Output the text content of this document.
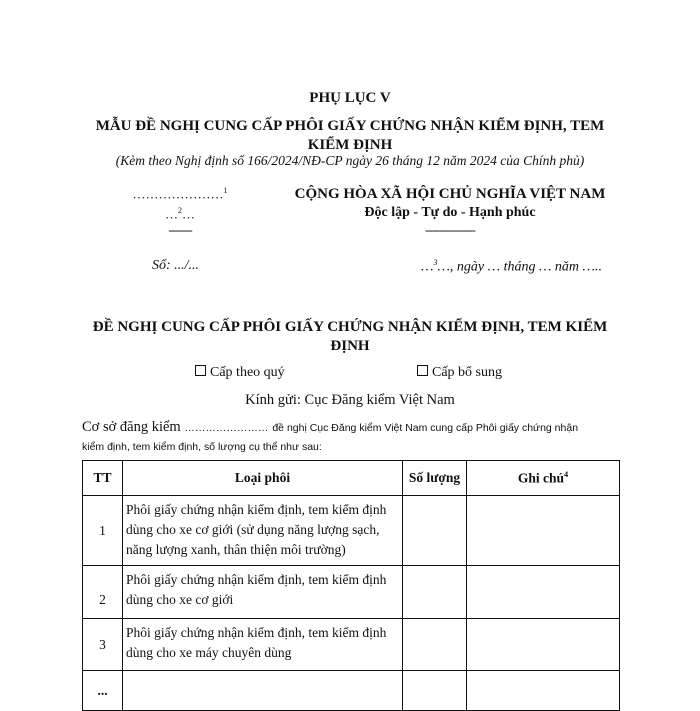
PHỤ LỤC V
MẪU ĐỀ NGHỊ CUNG CẤP PHÔI GIẤY CHỨNG NHẬN KIỂM ĐỊNH, TEM KIỂM ĐỊNH
(Kèm theo Nghị định số 166/2024/NĐ-CP ngày 26 tháng 12 năm 2024 của Chính phủ)
…………………$^1$
…$^2$…
-------
CỘNG HÒA XÃ HỘI CHỦ NGHĨA VIỆT NAM
Độc lập - Tự do - Hạnh phúc
---------------
Số: .../...	…$^3$…, ngày … tháng … năm …..
ĐỀ NGHỊ CUNG CẤP PHÔI GIẤY CHỨNG NHẬN KIỂM ĐỊNH, TEM KIỂM ĐỊNH
Cấp theo quý	Cấp bổ sung
Kính gửi: Cục Đăng kiểm Việt Nam
Cơ sở đăng kiểm …………………… đề nghị Cục Đăng kiểm Việt Nam cung cấp Phôi giấy chứng nhận kiểm định, tem kiểm định, số lượng cụ thể như sau:
TT	Loại phôi	Số lượng	Ghi chú$^4$
1	Phôi giấy chứng nhận kiểm định, tem kiểm định dùng cho xe cơ giới (sử dụng năng lượng sạch, năng lượng xanh, thân thiện môi trường)		
2	Phôi giấy chứng nhận kiểm định, tem kiểm định dùng cho xe cơ giới		
3	Phôi giấy chứng nhận kiểm định, tem kiểm định dùng cho xe máy chuyên dùng		
...			
